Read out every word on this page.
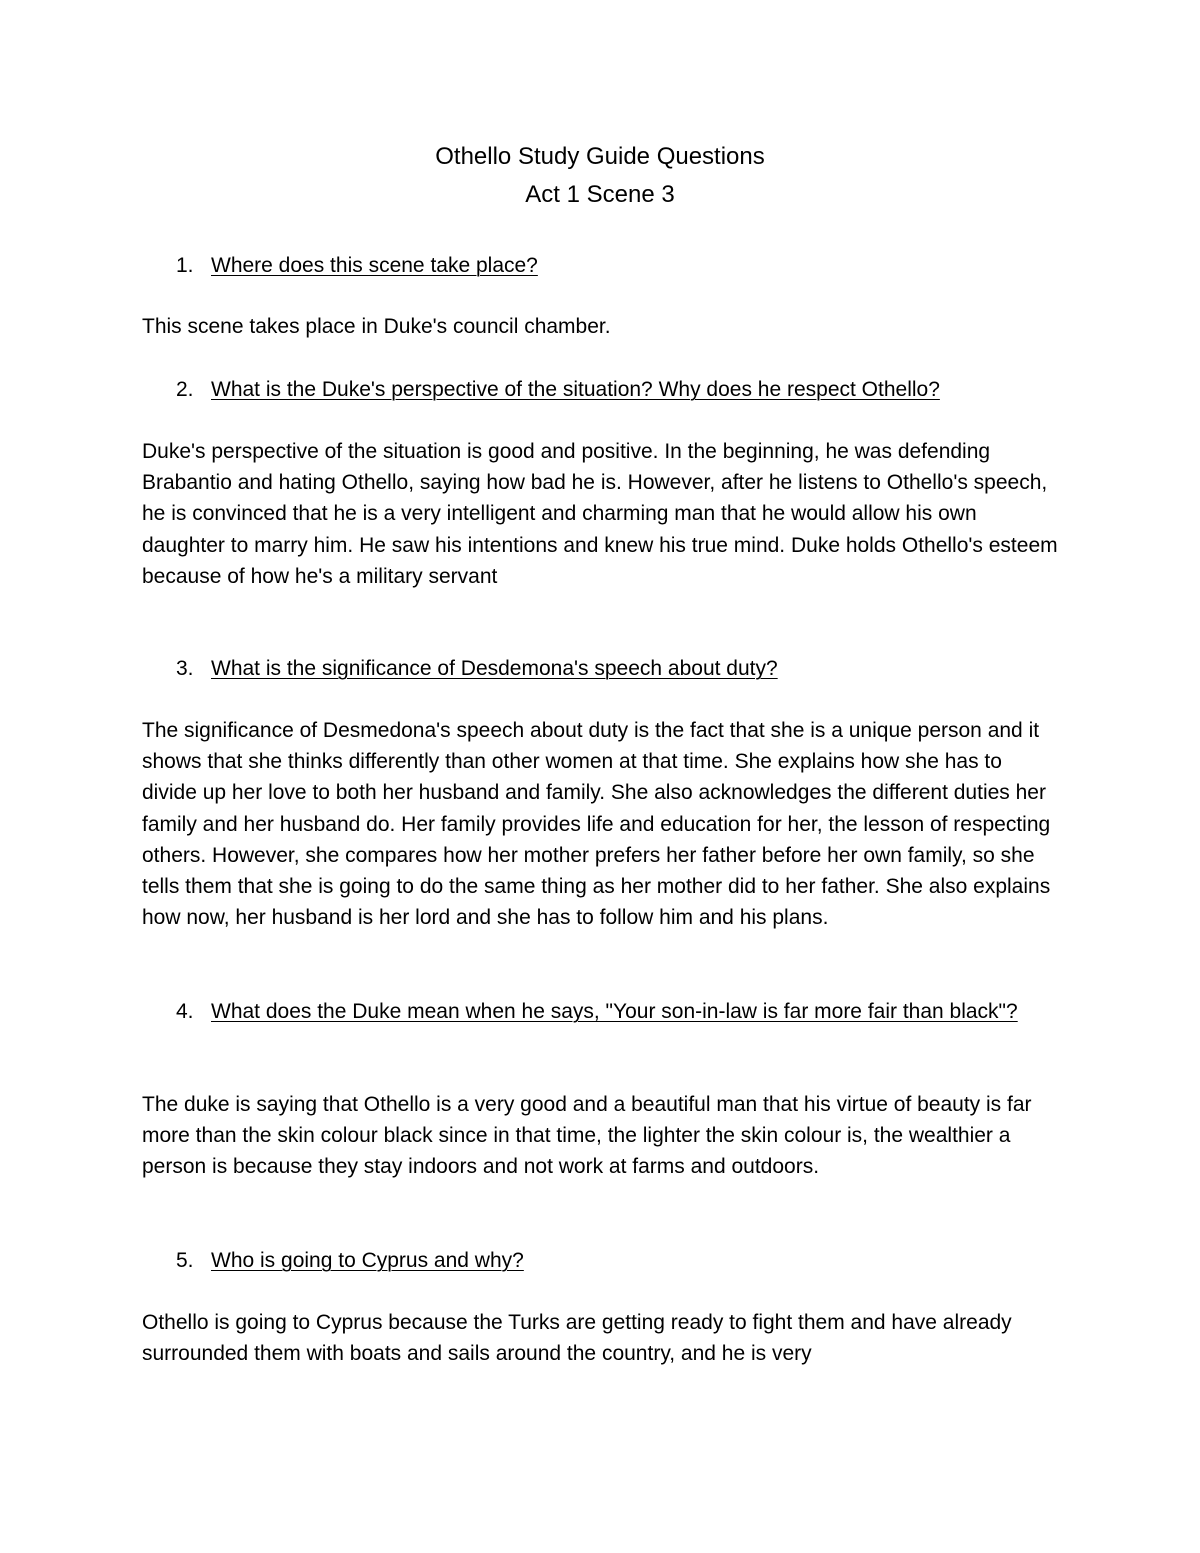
Othello Study Guide Questions
Act 1 Scene 3
1. Where does this scene take place?

This scene takes place in Duke's council chamber.

2. What is the Duke's perspective of the situation? Why does he respect Othello?

Duke's perspective of the situation is good and positive. In the beginning, he was defending Brabantio and hating Othello, saying how bad he is. However, after he listens to Othello's speech, he is convinced that he is a very intelligent and charming man that he would allow his own daughter to marry him. He saw his intentions and knew his true mind. Duke holds Othello's esteem because of how he's a military servant

3. What is the significance of Desdemona's speech about duty?

The significance of Desmedona's speech about duty is the fact that she is a unique person and it shows that she thinks differently than other women at that time. She explains how she has to divide up her love to both her husband and family. She also acknowledges the different duties her family and her husband do. Her family provides life and education for her, the lesson of respecting others. However, she compares how her mother prefers her father before her own family, so she tells them that she is going to do the same thing as her mother did to her father. She also explains how now, her husband is her lord and she has to follow him and his plans.

4. What does the Duke mean when he says, "Your son-in-law is far more fair than black"?

The duke is saying that Othello is a very good and a beautiful man that his virtue of beauty is far more than the skin colour black since in that time, the lighter the skin colour is, the wealthier a person is because they stay indoors and not work at farms and outdoors.

5. Who is going to Cyprus and why?

Othello is going to Cyprus because the Turks are getting ready to fight them and have already surrounded them with boats and sails around the country, and he is very
